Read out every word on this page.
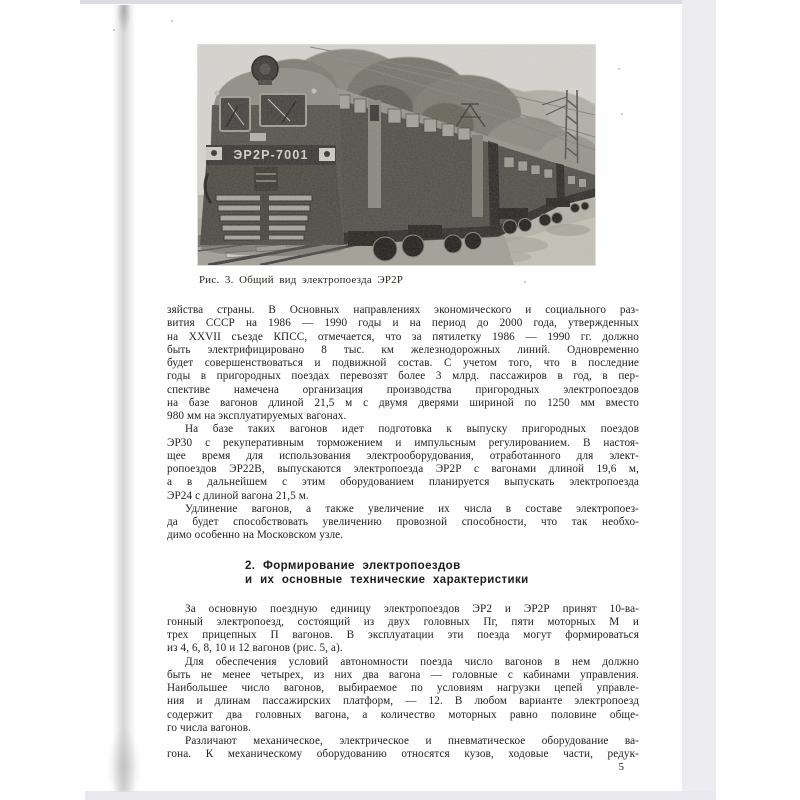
Рис. 3. Общий вид электропоезда ЭР2Р
зяйства страны. В Основных направлениях экономического и социального раз-
вития СССР на 1986 — 1990 годы и на период до 2000 года, утвержденных
на XXVII съезде КПСС, отмечается, что за пятилетку 1986 — 1990 гг. должно
быть электрифицировано 8 тыс. км железнодорожных линий. Одновременно
будет совершенствоваться и подвижной состав. С учетом того, что в последние
годы в пригородных поездах перевозят более 3 млрд. пассажиров в год, в пер-
спективе намечена организация производства пригородных электропоездов
на базе вагонов длиной 21,5 м с двумя дверями шириной по 1250 мм вместо
980 мм на эксплуатируемых вагонах.
На базе таких вагонов идет подготовка к выпуску пригородных поездов
ЭР30 с рекуперативным торможением и импульсным регулированием. В настоя-
щее время для использования электрооборудования, отработанного для элект-
ропоездов ЭР22В, выпускаются электропоезда ЭР2Р с вагонами длиной 19,6 м,
а в дальнейшем с этим оборудованием планируется выпускать электропоезда
ЭР24 с длиной вагона 21,5 м.
Удлинение вагонов, а также увеличение их числа в составе электропоез-
да будет способствовать увеличению провозной способности, что так необхо-
димо особенно на Московском узле.
2. Формирование электропоездов
и их основные технические характеристики
За основную поездную единицу электропоездов ЭР2 и ЭР2Р принят 10-ва-
гонный электропоезд, состоящий из двух головных Пг, пяти моторных М и
трех прицепных П вагонов. В эксплуатации эти поезда могут формироваться
из 4, 6, 8, 10 и 12 вагонов (рис. 5, а).
Для обеспечения условий автономности поезда число вагонов в нем должно
быть не менее четырех, из них два вагона — головные с кабинами управления.
Наибольшее число вагонов, выбираемое по условиям нагрузки цепей управле-
ния и длинам пассажирских платформ, — 12. В любом варианте электропоезд
содержит два головных вагона, а количество моторных равно половине обще-
го числа вагонов.
Различают механическое, электрическое и пневматическое оборудование ва-
гона. К механическому оборудованию относятся кузов, ходовые части, редук-
5
